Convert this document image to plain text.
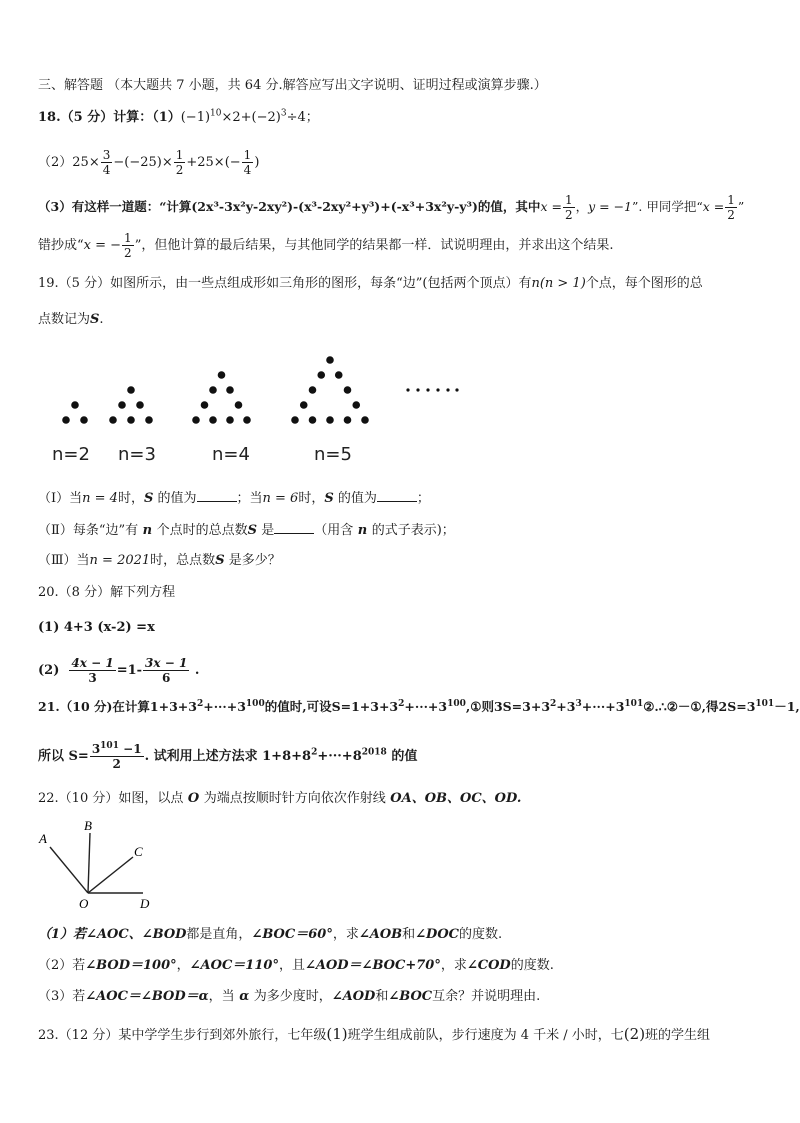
三、解答题 （本大题共 7 小题，共 64 分.解答应写出文字说明、证明过程或演算步骤.）
18.（5 分）计算：$(1)(-1)^{10}\times 2+(-2)^3\div 4$；
$(2)25\times \frac{3}{4} -(-25)\times \frac{1}{2} +25\times(- \frac{1}{4}$ )
（3）有这样一道题：“计算(2x³-3x²y-2xy²)-(x³-2xy²+y³)+(-x³+3x²y-y³)的值，其中$x = \frac{1}{2}$ ，y = −1”. 甲同学把“$x = \frac{1}{2}$ ”
错抄成“x = − $\frac{1}{2}$ ”，但他计算的最后结果，与其他同学的结果都一样．试说明理由，并求出这个结果.
19.（5 分）如图所示，由一些点组成形如三角形的图形，每条“边”(包括两个顶点）有n(n > 1)个点，每个图形的总
点数记为S.
n=2 n=3	n=4	n=5
（Ⅰ）当n = 4时，S 的值为	；当n = 6时，S 的值为	；
（Ⅱ）每条“边”有 n 个点时的总点数S 是	（用含 n 的式子表示)；
（Ⅲ）当n = 2021时，总点数S 是多少？
20.（8 分）解下列方程
(1) 4+3 (x-2) =x
$(2) \frac{4x - 1}{3} =1- \frac{3x - 1}{6}$ .
21.（10 分)在计算$1+3+3^2+\cdot\cdot\cdot+3^{100}$的值时,可设$S=1+3+3^2+\cdot\cdot\cdot+3^{100},①$则$3S=3+3^2+3^3+\cdot\cdot\cdot+3^{101}②.\therefore ②-①$,得$2S=3^{101}-1$,
所以 $S= \frac{3^{101} -1}{2}$ . 试利用上述方法求 $1+8+8^2+\cdot\cdot\cdot+8^{2018}$ 的值
22.（10 分）如图，以点 O 为端点按顺时针方向依次作射线 OA、OB、OC、OD.
A
B
C
O	D
（1）若∠AOC、∠BOD都是直角，∠BOC＝60°，求∠AOB和∠DOC的度数.
（2）若∠BOD＝100°，∠AOC＝110°，且∠AOD＝∠BOC+70°，求∠COD的度数.
（3）若∠AOC＝∠BOD＝α，当 α 为多少度时，∠AOD和∠BOC互余？并说明理由.
23.（12 分）某中学学生步行到郊外旅行，七年级(1)班学生组成前队，步行速度为 4 千米 / 小时，七(2)班的学生组
